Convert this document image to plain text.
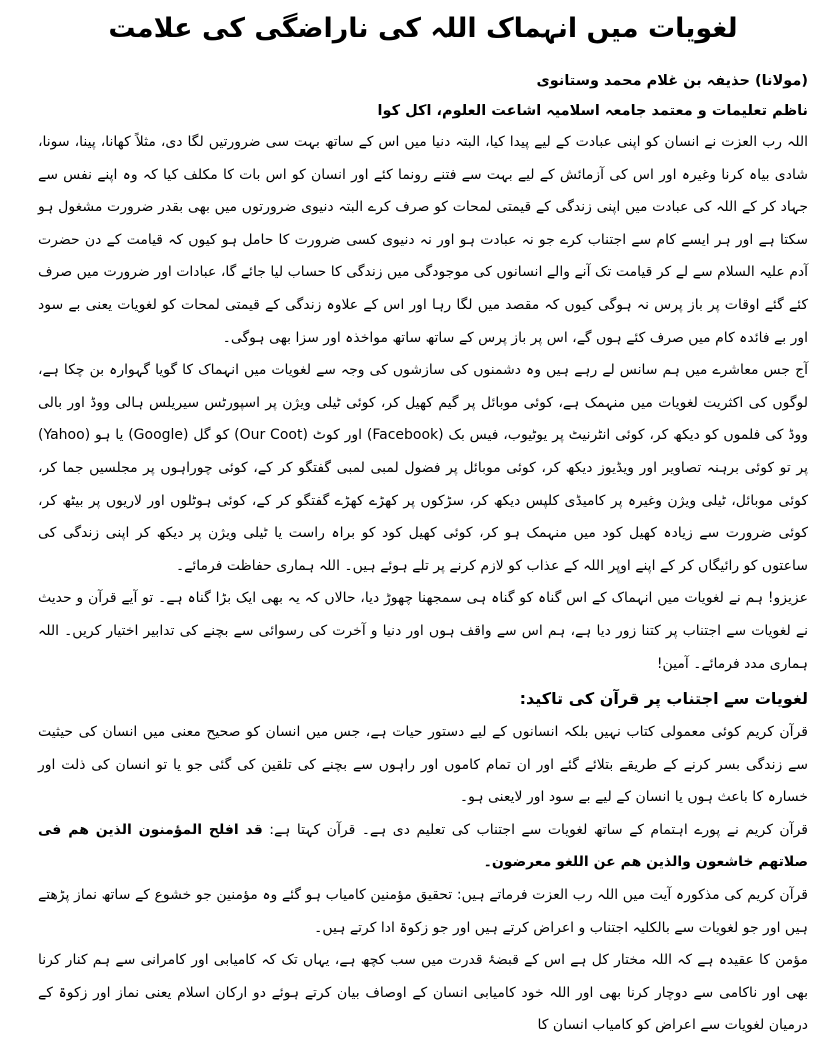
لغویات میں انہماک اللہ کی ناراضگی کی علامت
(مولانا) حذیفہ بن غلام محمد وستانوی
ناظم تعلیمات و معتمد جامعہ اسلامیہ اشاعت العلوم، اکل کوا

اللہ رب العزت نے انسان کو اپنی عبادت کے لیے پیدا کیا، البتہ دنیا میں اس کے ساتھ بہت سی ضرورتیں لگا دی، مثلاً کھانا، پینا، سونا، شادی بیاہ کرنا وغیرہ اور اس کی آزمائش کے لیے بہت سے فتنے رونما کئے اور انسان کو اس بات کا مکلف کیا کہ وہ اپنے نفس سے جہاد کر کے اللہ کی عبادت میں اپنی زندگی کے قیمتی لمحات کو صرف کرے البتہ دنیوی ضرورتوں میں بھی بقدر ضرورت مشغول ہو سکتا ہے اور ہر ایسے کام سے اجتناب کرے جو نہ عبادت ہو اور نہ دنیوی کسی ضرورت کا حامل ہو کیوں کہ قیامت کے دن حضرت آدم علیہ السلام سے لے کر قیامت تک آنے والے انسانوں کی موجودگی میں زندگی کا حساب لیا جائے گا، عبادات اور ضرورت میں صرف کئے گئے اوقات پر باز پرس نہ ہوگی کیوں کہ مقصد میں لگا رہا اور اس کے علاوہ زندگی کے قیمتی لمحات کو لغویات یعنی بے سود اور بے فائدہ کام میں صرف کئے ہوں گے، اس پر باز پرس کے ساتھ ساتھ مواخذہ اور سزا بھی ہوگی۔

آج جس معاشرے میں ہم سانس لے رہے ہیں وہ دشمنوں کی سازشوں کی وجہ سے لغویات میں انہماک کا گویا گہوارہ بن چکا ہے، لوگوں کی اکثریت لغویات میں منہمک ہے، کوئی موبائل پر گیم کھیل کر، کوئی ٹیلی ویژن پر اسپورٹس سیریلس ہالی ووڈ اور بالی ووڈ کی فلموں کو دیکھ کر، کوئی انٹرنیٹ پر یوٹیوب، فیس بک (Facebook) اور کوٹ (Our Coot) کو گل (Google) یا ہو (Yahoo) پر تو کوئی برہنہ تصاویر اور ویڈیوز دیکھ کر، کوئی موبائل پر فضول لمبی لمبی گفتگو کر کے، کوئی چوراہوں پر مجلسیں جما کر، کوئی موبائل، ٹیلی ویژن وغیرہ پر کامیڈی کلپس دیکھ کر، سڑکوں پر کھڑے کھڑے گفتگو کر کے، کوئی ہوٹلوں اور لاریوں پر بیٹھ کر، کوئی ضرورت سے زیادہ کھیل کود میں منہمک ہو کر، کوئی کھیل کود کو براہ راست یا ٹیلی ویژن پر دیکھ کر اپنی زندگی کی ساعتوں کو رائیگاں کر کے اپنے اوپر اللہ کے عذاب کو لازم کرنے پر تلے ہوئے ہیں۔ اللہ ہماری حفاظت فرمائے۔

عزیزو! ہم نے لغویات میں انہماک کے اس گناہ کو گناہ ہی سمجھنا چھوڑ دیا، حالاں کہ یہ بھی ایک بڑا گناہ ہے۔ تو آیے قرآن و حدیث نے لغویات سے اجتناب پر کتنا زور دیا ہے، ہم اس سے واقف ہوں اور دنیا و آخرت کی رسوائی سے بچنے کی تدابیر اختیار کریں۔ اللہ ہماری مدد فرمائے۔ آمین!

لغویات سے اجتناب پر قرآن کی تاکید:

قرآن کریم کوئی معمولی کتاب نہیں بلکہ انسانوں کے لیے دستور حیات ہے، جس میں انسان کو صحیح معنی میں انسان کی حیثیت سے زندگی بسر کرنے کے طریقے بتلائے گئے اور ان تمام کاموں اور راہوں سے بچنے کی تلقین کی گئی جو یا تو انسان کی ذلت اور خسارہ کا باعث ہوں یا انسان کے لیے بے سود اور لایعنی ہو۔

قرآن کریم نے پورے اہتمام کے ساتھ لغویات سے اجتناب کی تعلیم دی ہے۔ قرآن کہتا ہے: قد افلح المؤمنون الذین هم فی صلاتهم خاشعون والذین هم عن اللغو معرضون۔

قرآن کریم کی مذکورہ آیت میں اللہ رب العزت فرماتے ہیں: تحقیق مؤمنین کامیاب ہو گئے وہ مؤمنین جو خشوع کے ساتھ نماز پڑھتے ہیں اور جو لغویات سے بالکلیہ اجتناب و اعراض کرتے ہیں اور جو زکوۃ ادا کرتے ہیں۔

مؤمن کا عقیدہ ہے کہ اللہ مختار کل ہے اس کے قبضۂ قدرت میں سب کچھ ہے، یہاں تک کہ کامیابی اور کامرانی سے ہم کنار کرنا بھی اور ناکامی سے دوچار کرنا بھی اور اللہ خود کامیابی انسان کے اوصاف بیان کرتے ہوئے دو ارکان اسلام یعنی نماز اور زکوۃ کے درمیان لغویات سے اعراض کو کامیاب انسان کا
